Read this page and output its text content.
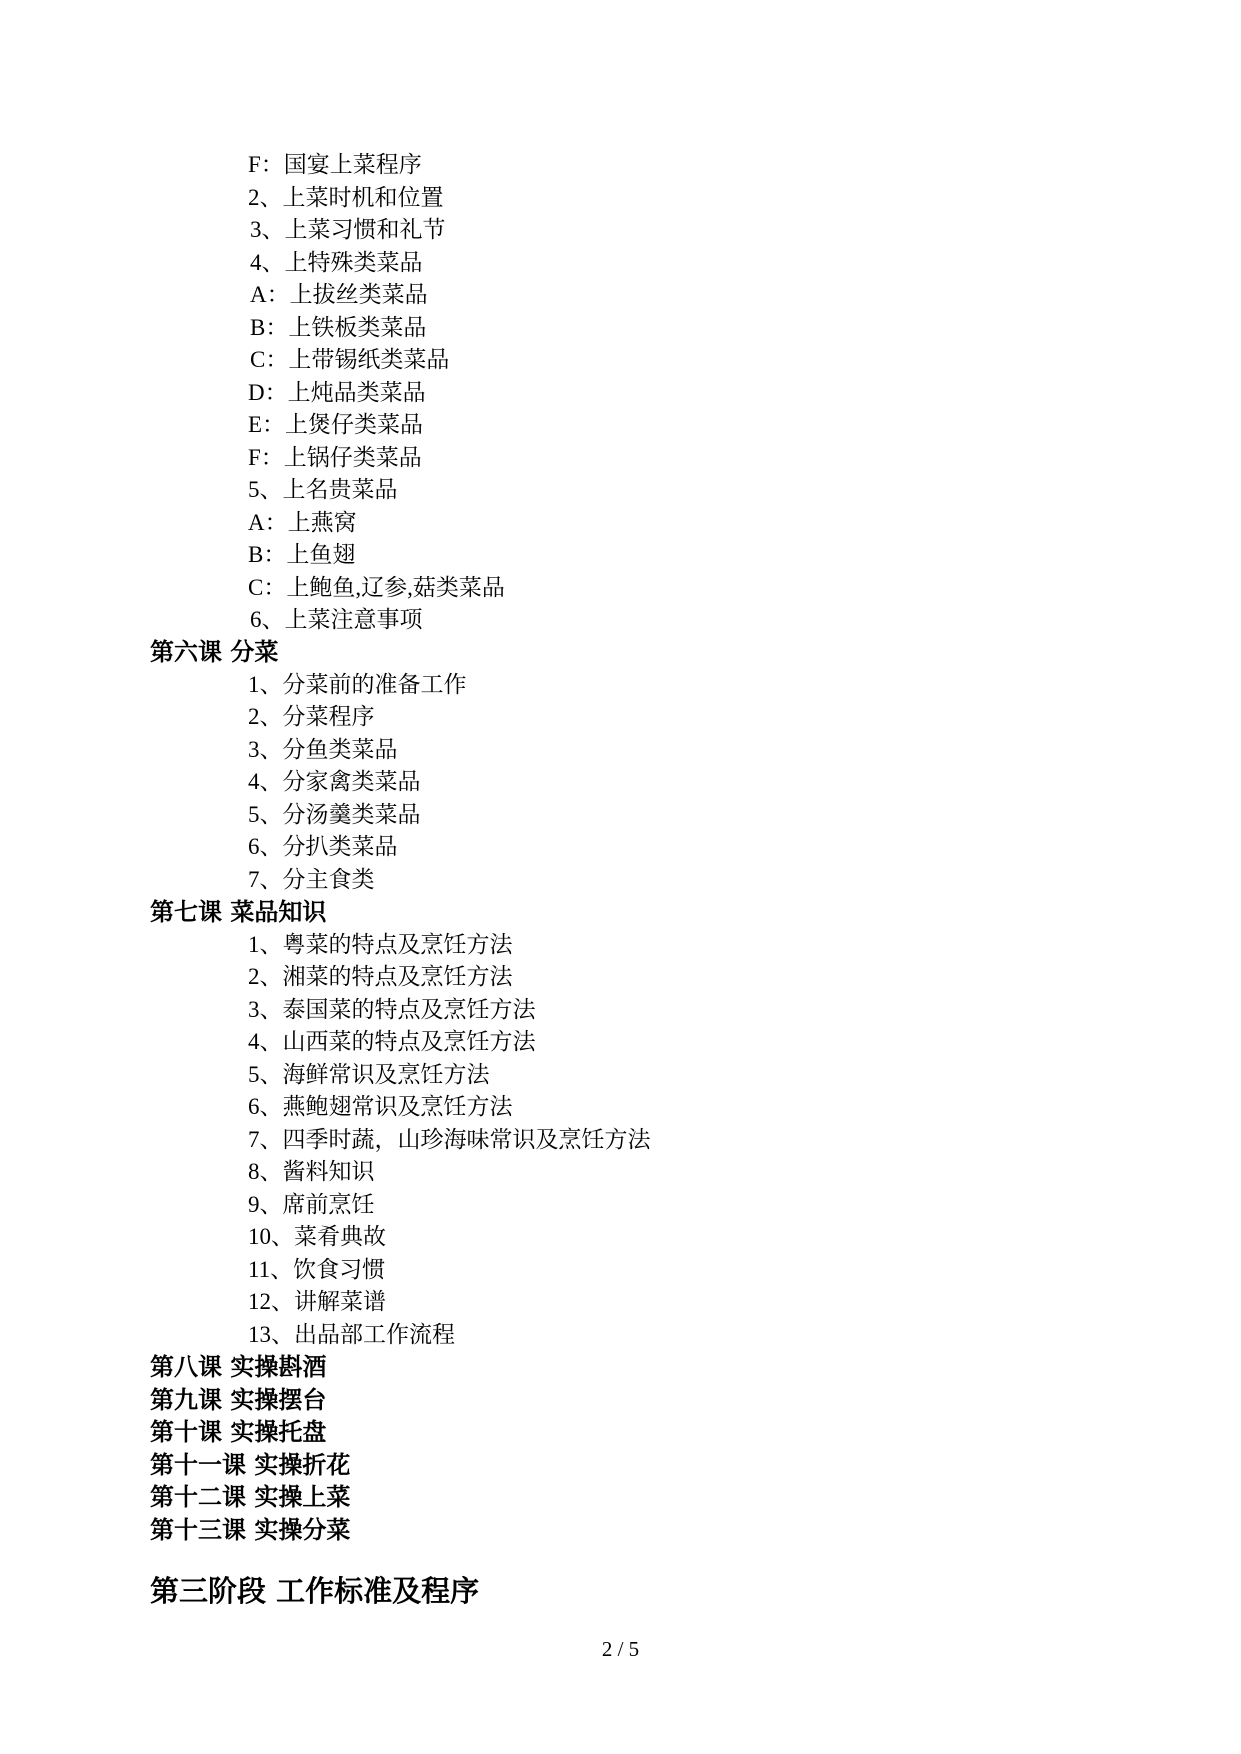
F：国宴上菜程序
2、上菜时机和位置
3、上菜习惯和礼节
4、上特殊类菜品
A：上拔丝类菜品
B：上铁板类菜品
C：上带锡纸类菜品
D：上炖品类菜品
E：上煲仔类菜品
F：上锅仔类菜品
5、上名贵菜品
A：上燕窝
B：上鱼翅
C：上鲍鱼,辽参,菇类菜品
6、上菜注意事项
第六课 分菜
1、分菜前的准备工作
2、分菜程序
3、分鱼类菜品
4、分家禽类菜品
5、分汤羹类菜品
6、分扒类菜品
7、分主食类
第七课 菜品知识
1、粤菜的特点及烹饪方法
2、湘菜的特点及烹饪方法
3、泰国菜的特点及烹饪方法
4、山西菜的特点及烹饪方法
5、海鲜常识及烹饪方法
6、燕鲍翅常识及烹饪方法
7、四季时蔬，山珍海味常识及烹饪方法
8、酱料知识
9、席前烹饪
10、菜肴典故
11、饮食习惯
12、讲解菜谱
13、出品部工作流程
第八课 实操斟酒
第九课 实操摆台
第十课 实操托盘
第十一课 实操折花
第十二课 实操上菜
第十三课 实操分菜
第三阶段 工作标准及程序
2 / 5
